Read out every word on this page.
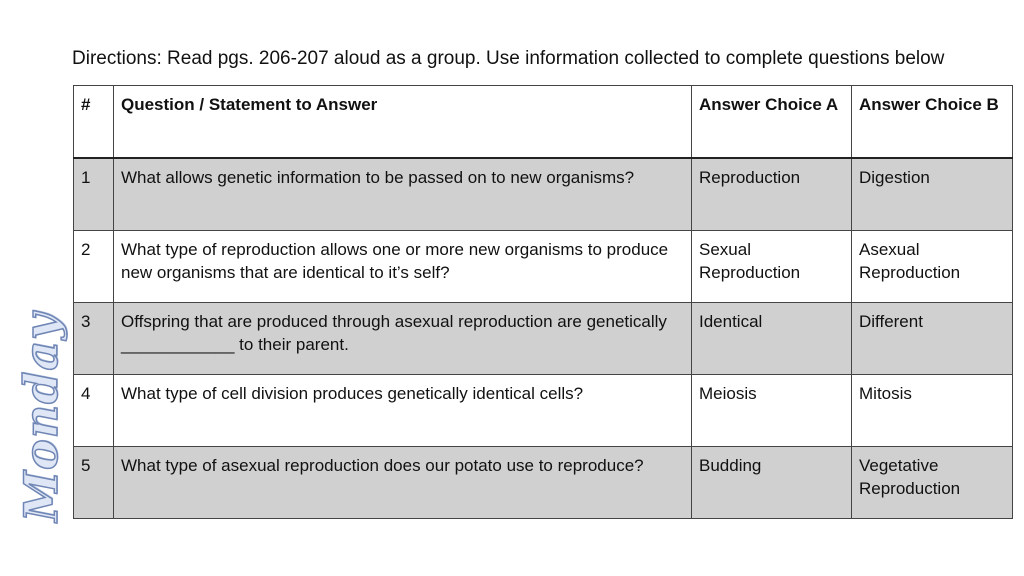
Directions: Read pgs. 206-207 aloud as a group. Use information collected to complete questions below
Monday
#	Question / Statement to Answer	Answer Choice A	Answer Choice B
1	What allows genetic information to be passed on to new organisms?	Reproduction	Digestion
2	What type of reproduction allows one or more new organisms to produce new organisms that are identical to it’s self?	Sexual Reproduction	Asexual Reproduction
3	Offspring that are produced through asexual reproduction are genetically ____________ to their parent.	Identical	Different
4	What type of cell division produces genetically identical cells?	Meiosis	Mitosis
5	What type of asexual reproduction does our potato use to reproduce?	Budding	Vegetative Reproduction
